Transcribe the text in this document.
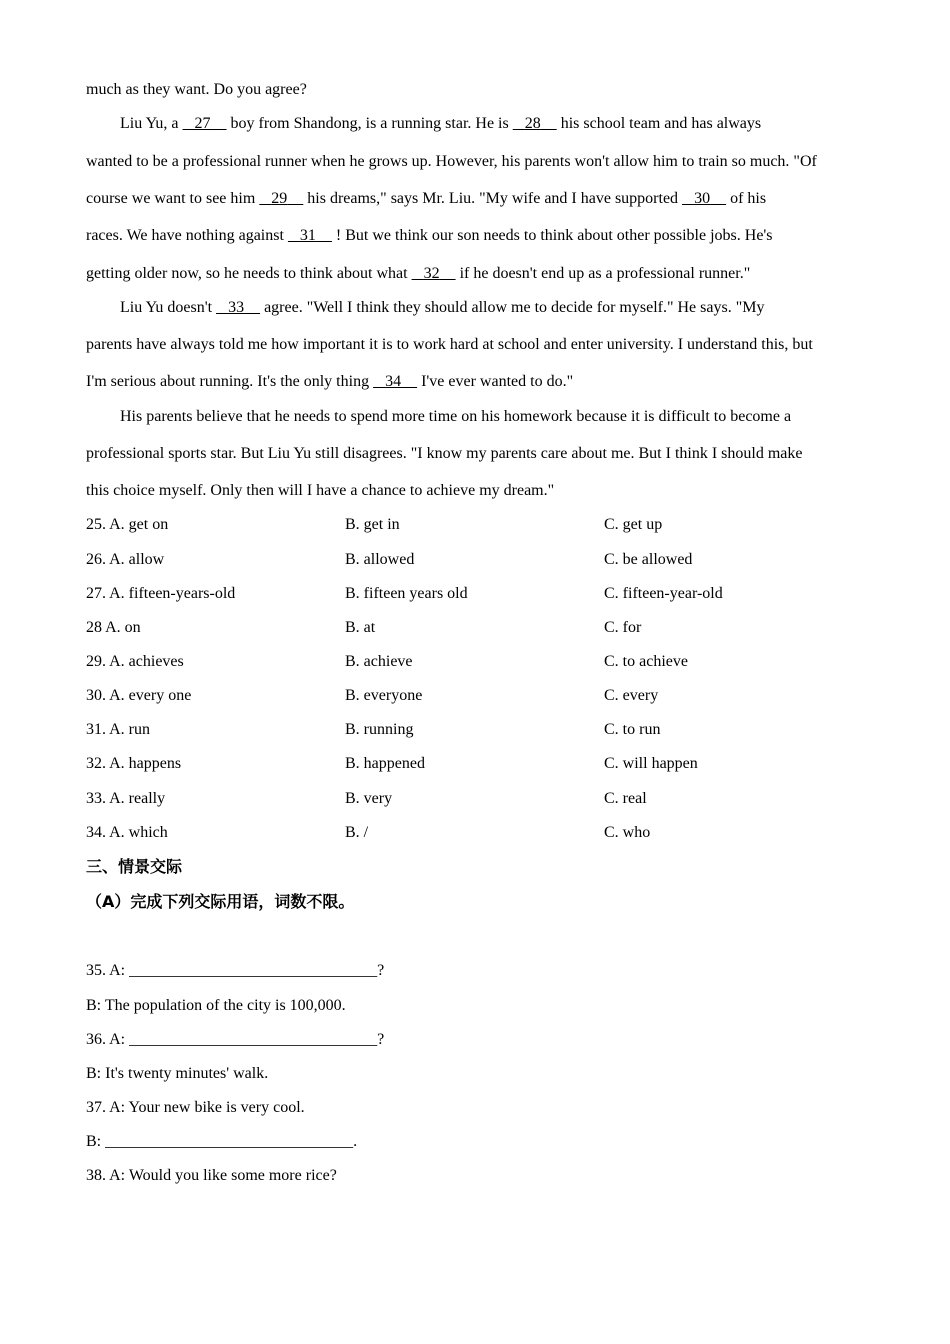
much as they want. Do you agree?
Liu Yu, a    27     boy from Shandong, is a running star. He is    28     his school team and has always
wanted to be a professional runner when he grows up. However, his parents won't allow him to train so much. "Of
course we want to see him    29     his dreams," says Mr. Liu. "My wife and I have supported    30     of his
races. We have nothing against    31     ! But we think our son needs to think about other possible jobs. He's
getting older now, so he needs to think about what    32     if he doesn't end up as a professional runner."
Liu Yu doesn't    33     agree. "Well I think they should allow me to decide for myself." He says. "My
parents have always told me how important it is to work hard at school and enter university. I understand this, but
I'm serious about running. It's the only thing    34     I've ever wanted to do."
His parents believe that he needs to spend more time on his homework because it is difficult to become a
professional sports star. But Liu Yu still disagrees. "I know my parents care about me. But I think I should make
this choice myself. Only then will I have a chance to achieve my dream."
25. A. get on	B. get in	C. get up
26. A. allow	B. allowed	C. be allowed
27. A. fifteen-years-old	B. fifteen years old	C. fifteen-year-old
28 A. on	B. at	C. for
29. A. achieves	B. achieve	C. to achieve
30. A. every one	B. everyone	C. every
31. A. run	B. running	C. to run
32. A. happens	B. happened	C. will happen
33. A. really	B. very	C. real
34. A. which	B. /	C. who
三、情景交际
（A）完成下列交际用语，词数不限。
35. A: _______________________________?
B: The population of the city is 100,000.
36. A: _______________________________?
B: It's twenty minutes' walk.
37. A: Your new bike is very cool.
B: _______________________________.
38. A: Would you like some more rice?
